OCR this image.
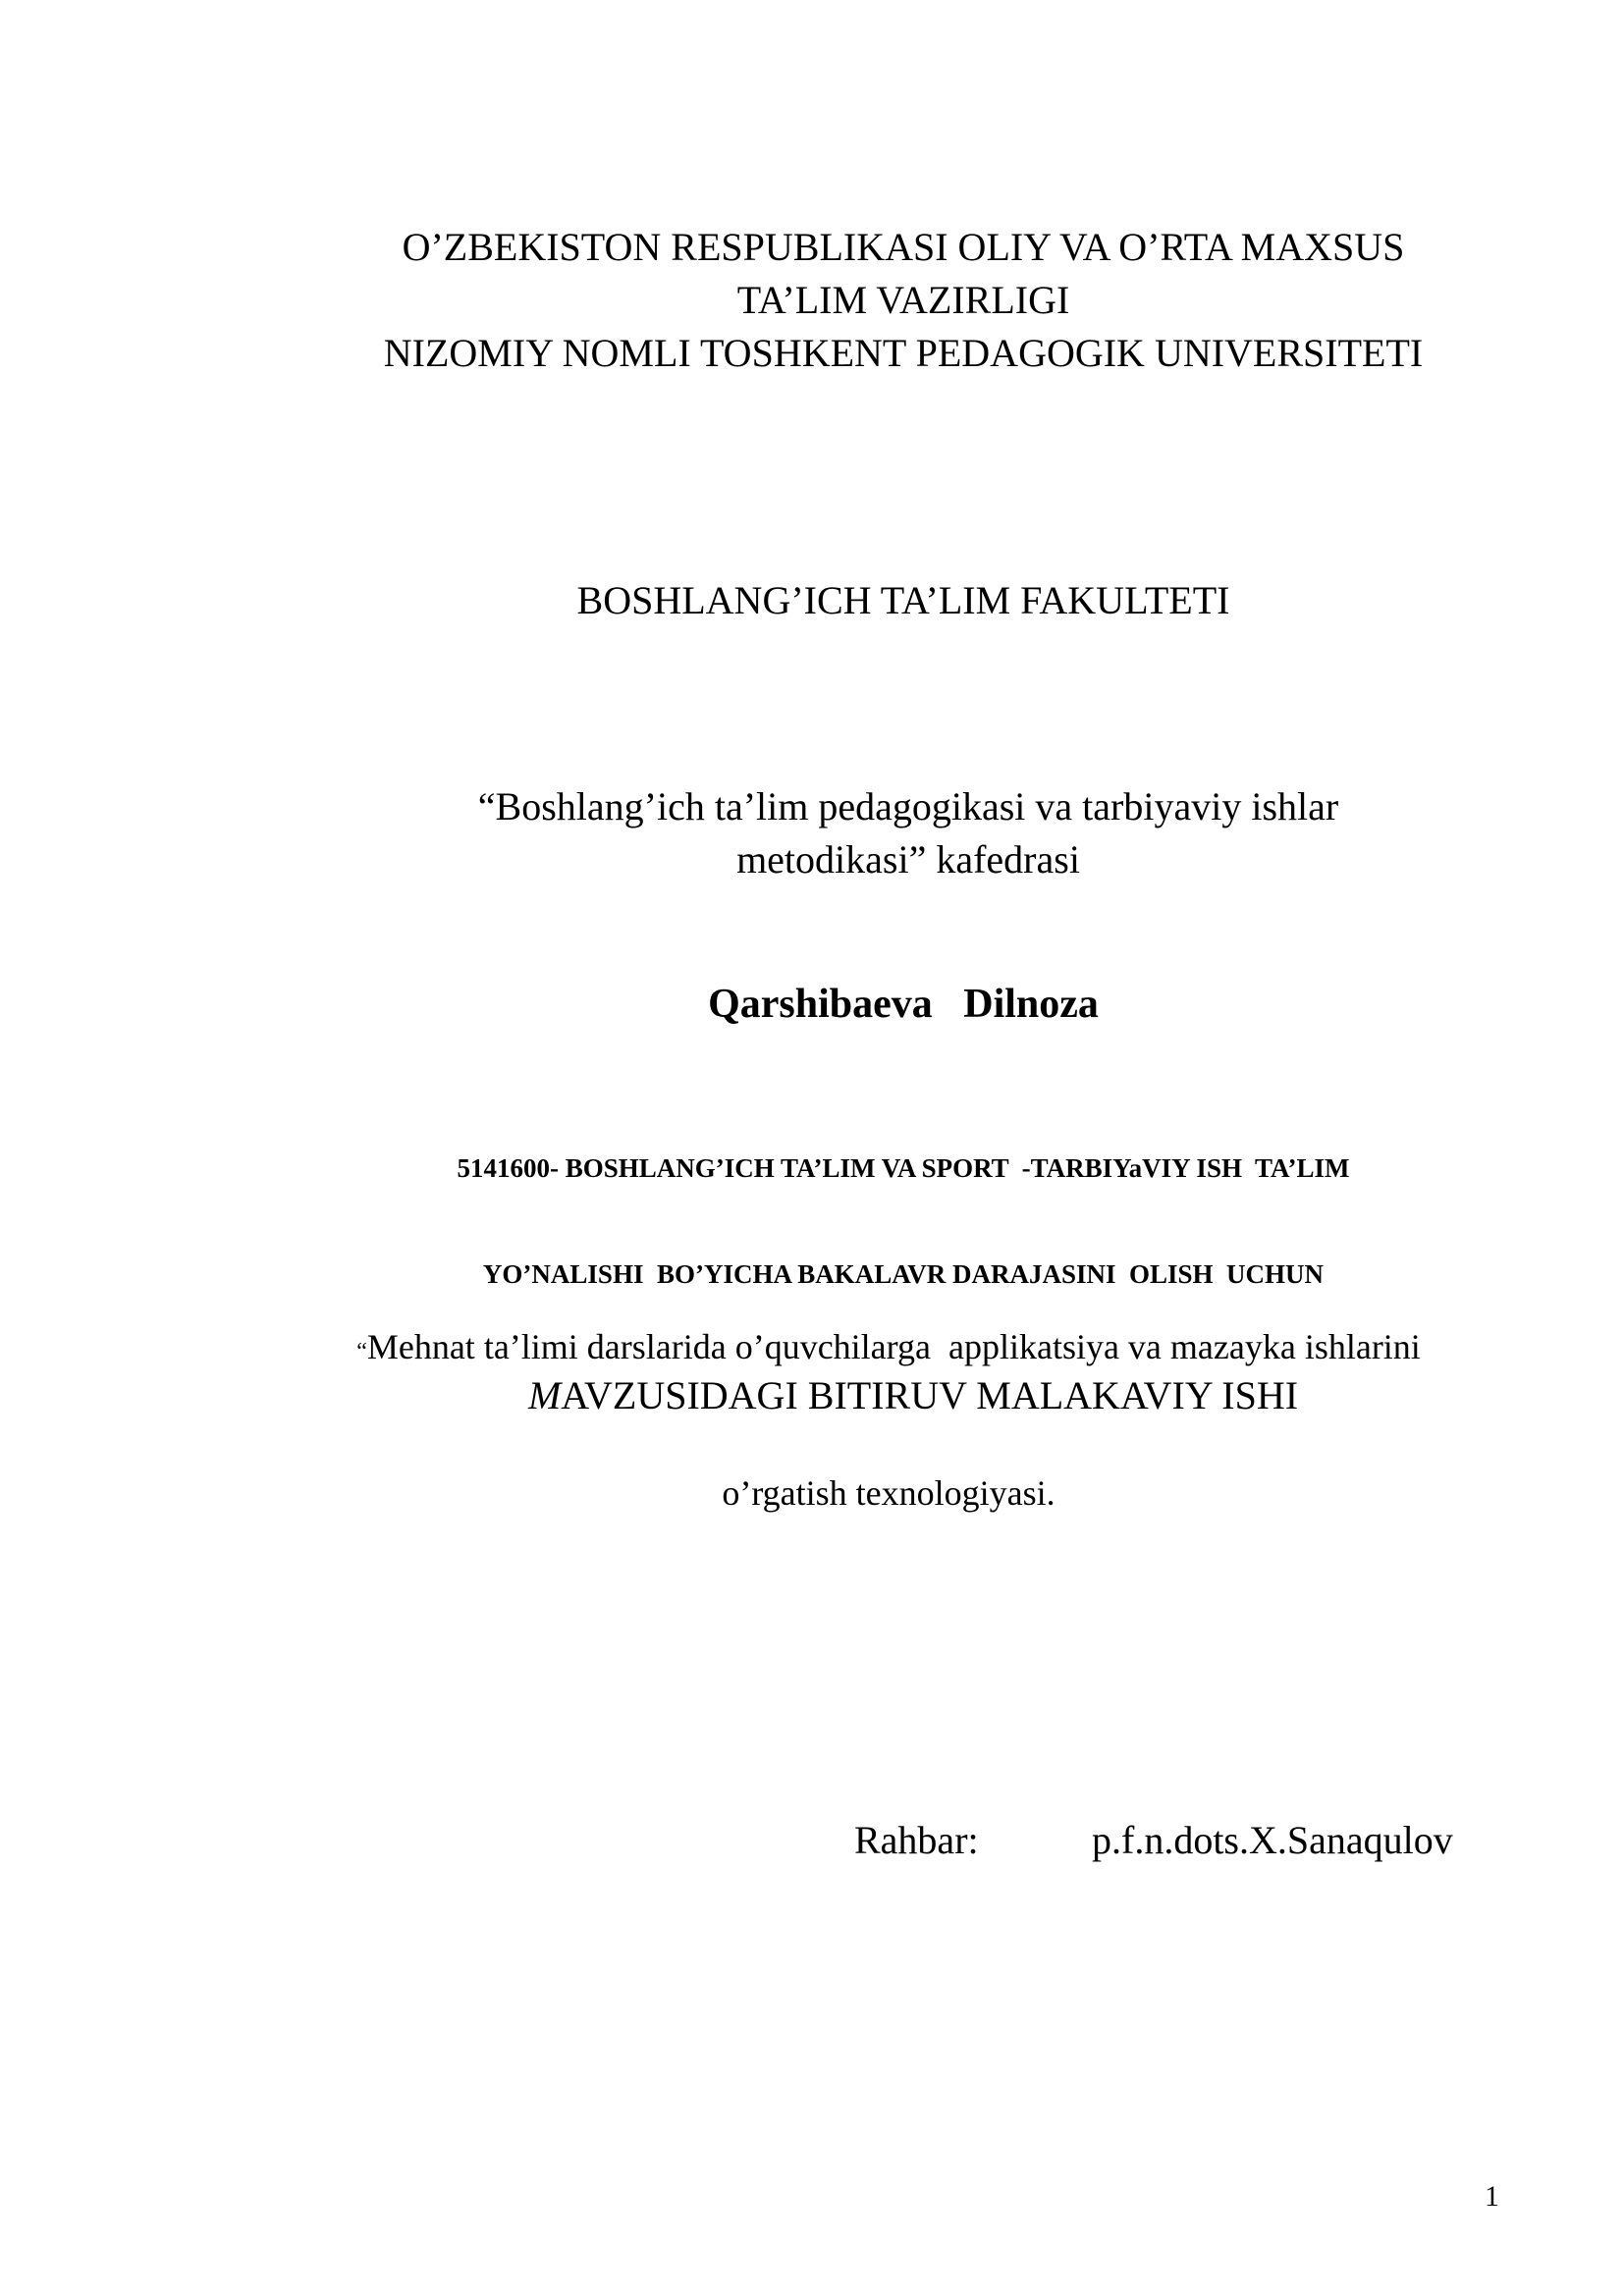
O’ZBEKISTON RESPUBLIKASI OLIY VA O’RTA MAXSUS
TA’LIM VAZIRLIGI
NIZOMIY NOMLI TOSHKENT PEDAGOGIK UNIVERSITETI
BOSHLANG’ICH TA’LIM FAKULTETI
“Boshlang’ich ta’lim pedagogikasi va tarbiyaviy ishlar
metodikasi” kafedrasi
Qarshibaeva   Dilnoza

5141600- BOSHLANG’ICH TA’LIM VA SPORT  -TARBIYaVIY ISH  TA’LIM

YO’NALISHI  BO’YICHA BAKALAVR DARAJASINI  OLISH  UCHUN

“Mehnat ta’limi darslarida o’quvchilarga  applikatsiya va mazayka ishlarini

o’rgatish texnologiyasi.

MAVZUSIDAGI BITIRUV MALAKAVIY ISHI
Rahbar:	p.f.n.dots.X.Sanaqulov
1
